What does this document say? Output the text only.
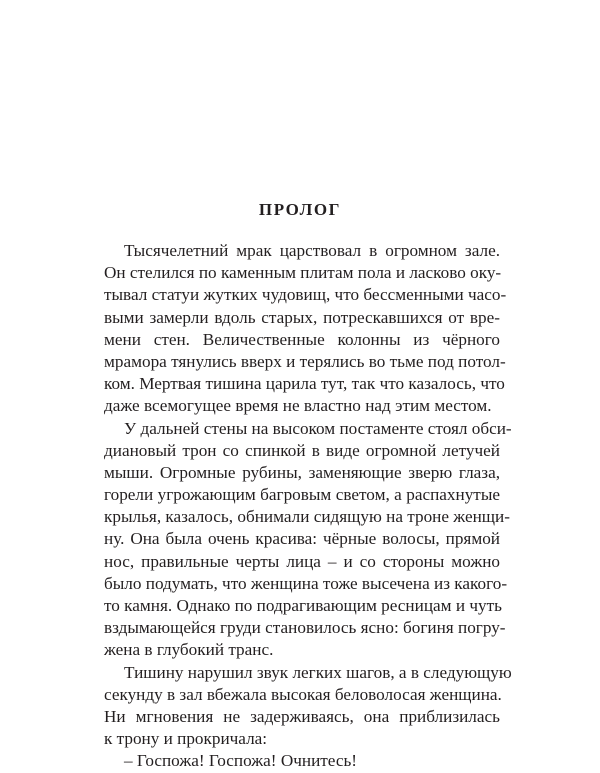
ПРОЛОГ
Тысячелетний мрак царствовал в огромном зале.
Он стелился по каменным плитам пола и ласково оку-
тывал статуи жутких чудовищ, что бессменными часо-
выми замерли вдоль старых, потрескавшихся от вре-
мени стен. Величественные колонны из чёрного
мрамора тянулись вверх и терялись во тьме под потол-
ком. Мертвая тишина царила тут, так что казалось, что
даже всемогущее время не властно над этим местом.
У дальней стены на высоком постаменте стоял обси-
диановый трон со спинкой в виде огромной летучей
мыши. Огромные рубины, заменяющие зверю глаза,
горели угрожающим багровым светом, а распахнутые
крылья, казалось, обнимали сидящую на троне женщи-
ну. Она была очень красива: чёрные волосы, прямой
нос, правильные черты лица – и со стороны можно
было подумать, что женщина тоже высечена из какого-
то камня. Однако по подрагивающим ресницам и чуть
вздымающейся груди становилось ясно: богиня погру-
жена в глубокий транс.
Тишину нарушил звук легких шагов, а в следующую
секунду в зал вбежала высокая беловолосая женщина.
Ни мгновения не задерживаясь, она приблизилась
к трону и прокричала:
– Госпожа! Госпожа! Очнитесь!
